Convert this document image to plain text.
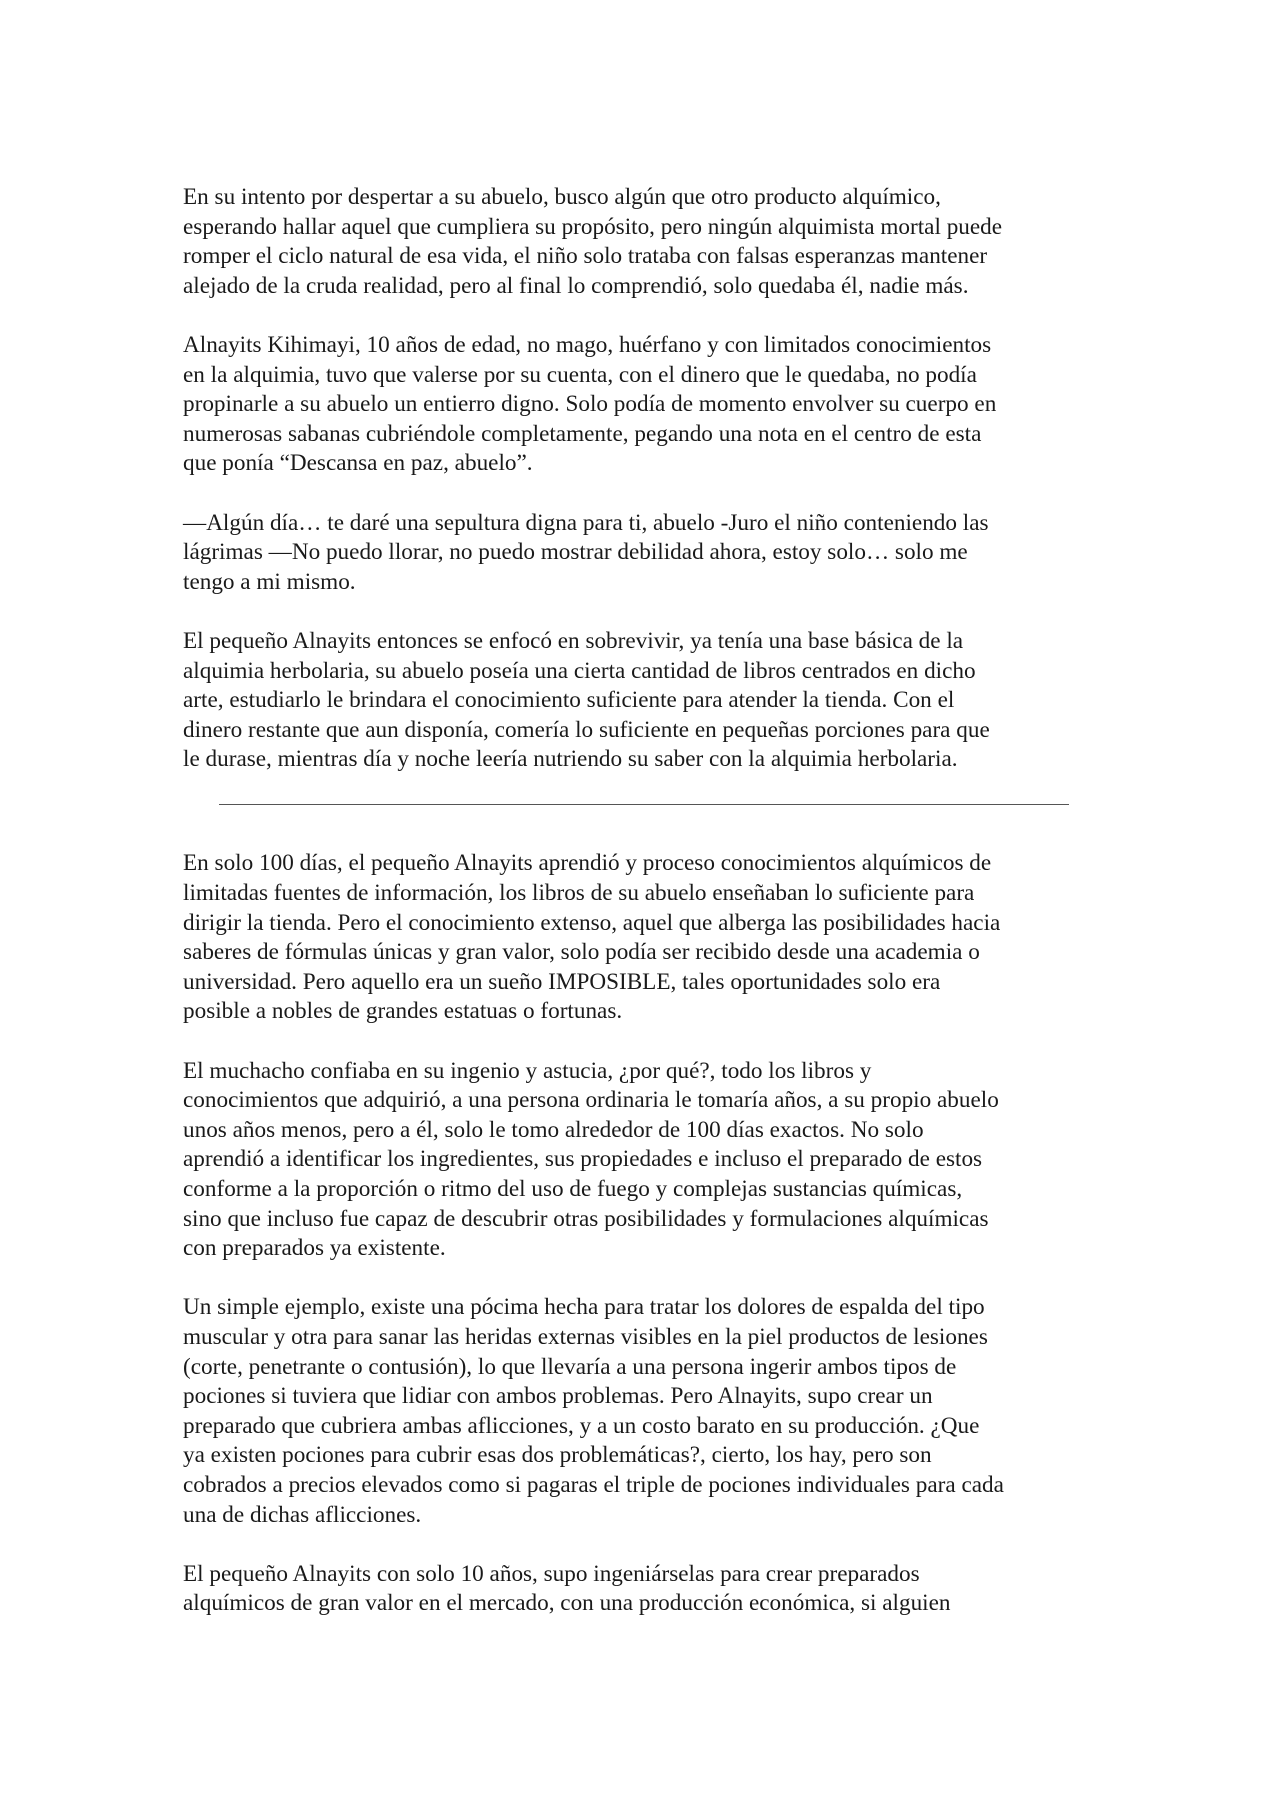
En su intento por despertar a su abuelo, busco algún que otro producto alquímico,
esperando hallar aquel que cumpliera su propósito, pero ningún alquimista mortal puede
romper el ciclo natural de esa vida, el niño solo trataba con falsas esperanzas mantener
alejado de la cruda realidad, pero al final lo comprendió, solo quedaba él, nadie más.

Alnayits Kihimayi, 10 años de edad, no mago, huérfano y con limitados conocimientos
en la alquimia, tuvo que valerse por su cuenta, con el dinero que le quedaba, no podía
propinarle a su abuelo un entierro digno. Solo podía de momento envolver su cuerpo en
numerosas sabanas cubriéndole completamente, pegando una nota en el centro de esta
que ponía “Descansa en paz, abuelo”.

—Algún día… te daré una sepultura digna para ti, abuelo -Juro el niño conteniendo las
lágrimas —No puedo llorar, no puedo mostrar debilidad ahora, estoy solo… solo me
tengo a mi mismo.

El pequeño Alnayits entonces se enfocó en sobrevivir, ya tenía una base básica de la
alquimia herbolaria, su abuelo poseía una cierta cantidad de libros centrados en dicho
arte, estudiarlo le brindara el conocimiento suficiente para atender la tienda. Con el
dinero restante que aun disponía, comería lo suficiente en pequeñas porciones para que
le durase, mientras día y noche leería nutriendo su saber con la alquimia herbolaria.

En solo 100 días, el pequeño Alnayits aprendió y proceso conocimientos alquímicos de
limitadas fuentes de información, los libros de su abuelo enseñaban lo suficiente para
dirigir la tienda. Pero el conocimiento extenso, aquel que alberga las posibilidades hacia
saberes de fórmulas únicas y gran valor, solo podía ser recibido desde una academia o
universidad. Pero aquello era un sueño IMPOSIBLE, tales oportunidades solo era
posible a nobles de grandes estatuas o fortunas.

El muchacho confiaba en su ingenio y astucia, ¿por qué?, todo los libros y
conocimientos que adquirió, a una persona ordinaria le tomaría años, a su propio abuelo
unos años menos, pero a él, solo le tomo alrededor de 100 días exactos. No solo
aprendió a identificar los ingredientes, sus propiedades e incluso el preparado de estos
conforme a la proporción o ritmo del uso de fuego y complejas sustancias químicas,
sino que incluso fue capaz de descubrir otras posibilidades y formulaciones alquímicas
con preparados ya existente.

Un simple ejemplo, existe una pócima hecha para tratar los dolores de espalda del tipo
muscular y otra para sanar las heridas externas visibles en la piel productos de lesiones
(corte, penetrante o contusión), lo que llevaría a una persona ingerir ambos tipos de
pociones si tuviera que lidiar con ambos problemas. Pero Alnayits, supo crear un
preparado que cubriera ambas aflicciones, y a un costo barato en su producción. ¿Que
ya existen pociones para cubrir esas dos problemáticas?, cierto, los hay, pero son
cobrados a precios elevados como si pagaras el triple de pociones individuales para cada
una de dichas aflicciones.

El pequeño Alnayits con solo 10 años, supo ingeniárselas para crear preparados
alquímicos de gran valor en el mercado, con una producción económica, si alguien
